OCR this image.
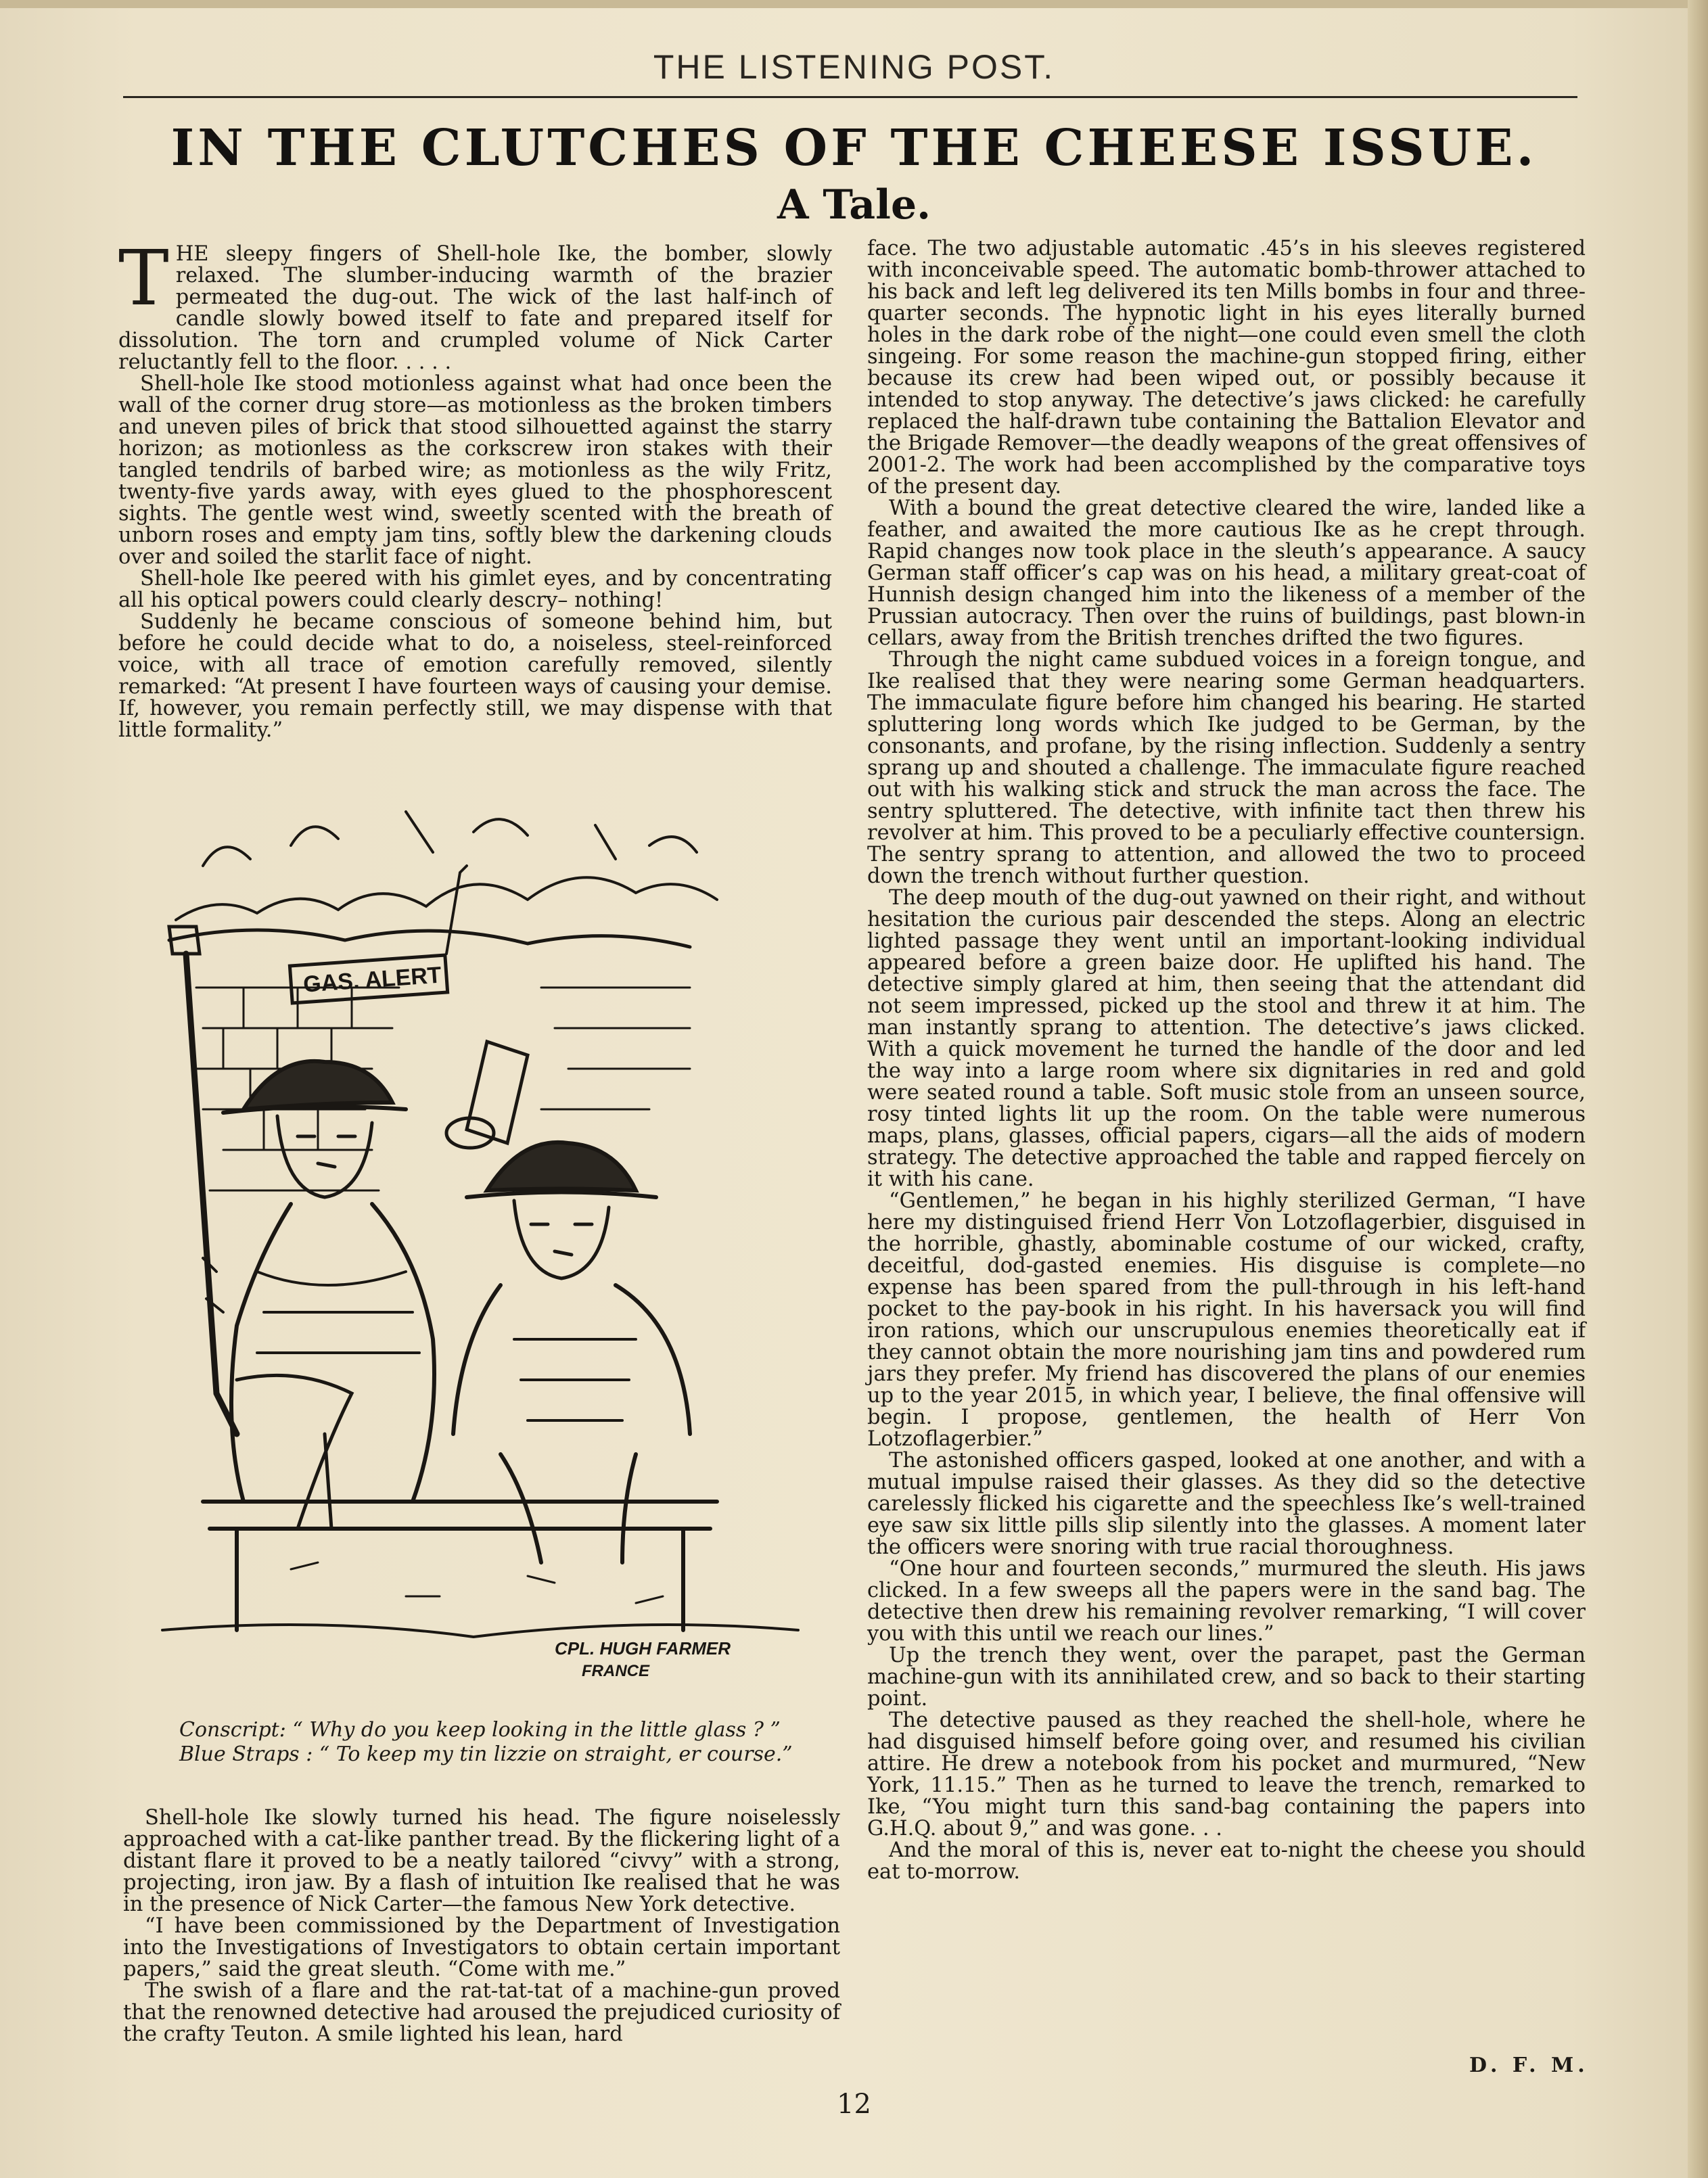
THE LISTENING POST.
IN THE CLUTCHES OF THE CHEESE ISSUE.
A Tale.

THE sleepy fingers of Shell-hole Ike, the bomber, slowly relaxed. The slumber-inducing warmth of the brazier permeated the dug-out. The wick of the last half-inch of candle slowly bowed itself to fate and prepared itself for dissolution. The torn and crumpled volume of Nick Carter reluctantly fell to the floor. . . . .

Shell-hole Ike stood motionless against what had once been the wall of the corner drug store—as motionless as the broken timbers and uneven piles of brick that stood silhouetted against the starry horizon; as motionless as the corkscrew iron stakes with their tangled tendrils of barbed wire; as motionless as the wily Fritz, twenty-five yards away, with eyes glued to the phosphorescent sights. The gentle west wind, sweetly scented with the breath of unborn roses and empty jam tins, softly blew the darkening clouds over and soiled the starlit face of night.

Shell-hole Ike peered with his gimlet eyes, and by concentrating all his optical powers could clearly descry– nothing!

Suddenly he became conscious of someone behind him, but before he could decide what to do, a noiseless, steel-reinforced voice, with all trace of emotion carefully removed, silently remarked: “At present I have fourteen ways of causing your demise. If, however, you remain perfectly still, we may dispense with that little formality.”

GAS. ALERT
CPL. HUGH FARMER
FRANCE
Conscript: “ Why do you keep looking in the little glass ? ”
Blue Straps : “ To keep my tin lizzie on straight, er course.”

Shell-hole Ike slowly turned his head. The figure noiselessly approached with a cat-like panther tread. By the flickering light of a distant flare it proved to be a neatly tailored “civvy” with a strong, projecting, iron jaw. By a flash of intuition Ike realised that he was in the presence of Nick Carter—the famous New York detective.

“I have been commissioned by the Department of Investigation into the Investigations of Investigators to obtain certain important papers,” said the great sleuth. “Come with me.”

The swish of a flare and the rat-tat-tat of a machine-gun proved that the renowned detective had aroused the prejudiced curiosity of the crafty Teuton. A smile lighted his lean, hard

face. The two adjustable automatic .45’s in his sleeves registered with inconceivable speed. The automatic bomb-thrower attached to his back and left leg delivered its ten Mills bombs in four and three-quarter seconds. The hypnotic light in his eyes literally burned holes in the dark robe of the night—one could even smell the cloth singeing. For some reason the machine-gun stopped firing, either because its crew had been wiped out, or possibly because it intended to stop anyway. The detective’s jaws clicked: he carefully replaced the half-drawn tube containing the Battalion Elevator and the Brigade Remover—the deadly weapons of the great offensives of 2001-2. The work had been accomplished by the comparative toys of the present day.

With a bound the great detective cleared the wire, landed like a feather, and awaited the more cautious Ike as he crept through. Rapid changes now took place in the sleuth’s appearance. A saucy German staff officer’s cap was on his head, a military great-coat of Hunnish design changed him into the likeness of a member of the Prussian autocracy. Then over the ruins of buildings, past blown-in cellars, away from the British trenches drifted the two figures.

Through the night came subdued voices in a foreign tongue, and Ike realised that they were nearing some German headquarters. The immaculate figure before him changed his bearing. He started spluttering long words which Ike judged to be German, by the consonants, and profane, by the rising inflection. Suddenly a sentry sprang up and shouted a challenge. The immaculate figure reached out with his walking stick and struck the man across the face. The sentry spluttered. The detective, with infinite tact then threw his revolver at him. This proved to be a peculiarly effective countersign. The sentry sprang to attention, and allowed the two to proceed down the trench without further question.

The deep mouth of the dug-out yawned on their right, and without hesitation the curious pair descended the steps. Along an electric lighted passage they went until an important-looking individual appeared before a green baize door. He uplifted his hand. The detective simply glared at him, then seeing that the attendant did not seem impressed, picked up the stool and threw it at him. The man instantly sprang to attention. The detective’s jaws clicked. With a quick movement he turned the handle of the door and led the way into a large room where six dignitaries in red and gold were seated round a table. Soft music stole from an unseen source, rosy tinted lights lit up the room. On the table were numerous maps, plans, glasses, official papers, cigars—all the aids of modern strategy. The detective approached the table and rapped fiercely on it with his cane.

“Gentlemen,” he began in his highly sterilized German, “I have here my distinguised friend Herr Von Lotzoflagerbier, disguised in the horrible, ghastly, abominable costume of our wicked, crafty, deceitful, dod-gasted enemies. His disguise is complete—no expense has been spared from the pull-through in his left-hand pocket to the pay-book in his right. In his haversack you will find iron rations, which our unscrupulous enemies theoretically eat if they cannot obtain the more nourishing jam tins and powdered rum jars they prefer. My friend has discovered the plans of our enemies up to the year 2015, in which year, I believe, the final offensive will begin. I propose, gentlemen, the health of Herr Von Lotzoflagerbier.”

The astonished officers gasped, looked at one another, and with a mutual impulse raised their glasses. As they did so the detective carelessly flicked his cigarette and the speechless Ike’s well-trained eye saw six little pills slip silently into the glasses. A moment later the officers were snoring with true racial thoroughness.

“One hour and fourteen seconds,” murmured the sleuth. His jaws clicked. In a few sweeps all the papers were in the sand bag. The detective then drew his remaining revolver remarking, “I will cover you with this until we reach our lines.”

Up the trench they went, over the parapet, past the German machine-gun with its annihilated crew, and so back to their starting point.

The detective paused as they reached the shell-hole, where he had disguised himself before going over, and resumed his civilian attire. He drew a notebook from his pocket and murmured, “New York, 11.15.” Then as he turned to leave the trench, remarked to Ike, “You might turn this sand-bag containing the papers into G.H.Q. about 9,” and was gone. . .

And the moral of this is, never eat to-night the cheese you should eat to-morrow.

D. F. M.
12
